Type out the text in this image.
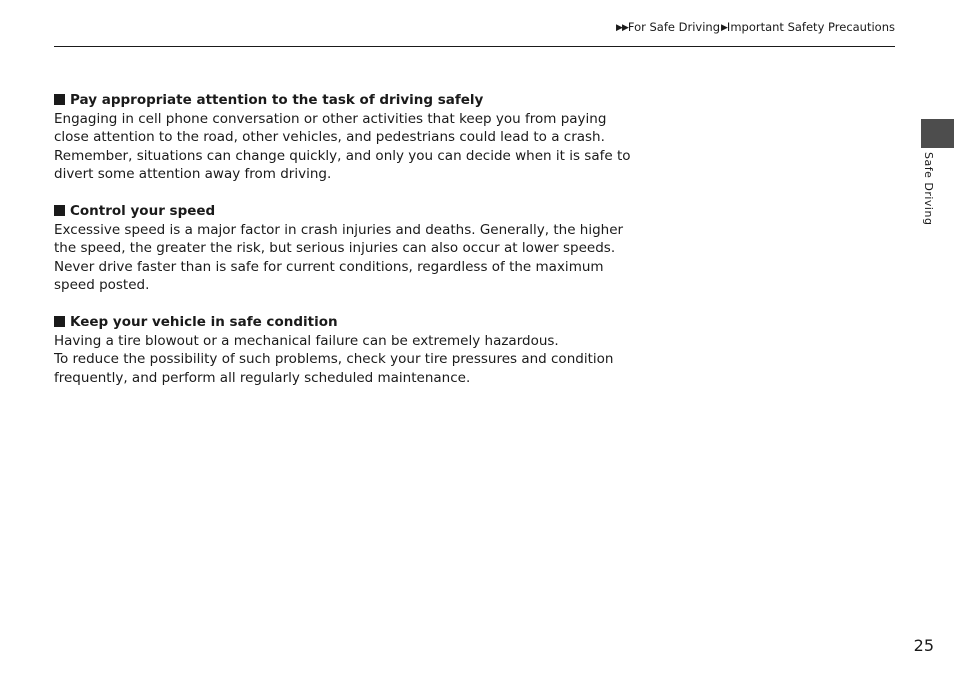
▶▶For Safe Driving▶Important Safety Precautions
Pay appropriate attention to the task of driving safely
Engaging in cell phone conversation or other activities that keep you from paying
close attention to the road, other vehicles, and pedestrians could lead to a crash.
Remember, situations can change quickly, and only you can decide when it is safe to
divert some attention away from driving.
Control your speed
Excessive speed is a major factor in crash injuries and deaths. Generally, the higher
the speed, the greater the risk, but serious injuries can also occur at lower speeds.
Never drive faster than is safe for current conditions, regardless of the maximum
speed posted.
Keep your vehicle in safe condition
Having a tire blowout or a mechanical failure can be extremely hazardous.
To reduce the possibility of such problems, check your tire pressures and condition
frequently, and perform all regularly scheduled maintenance.
Safe Driving
25
